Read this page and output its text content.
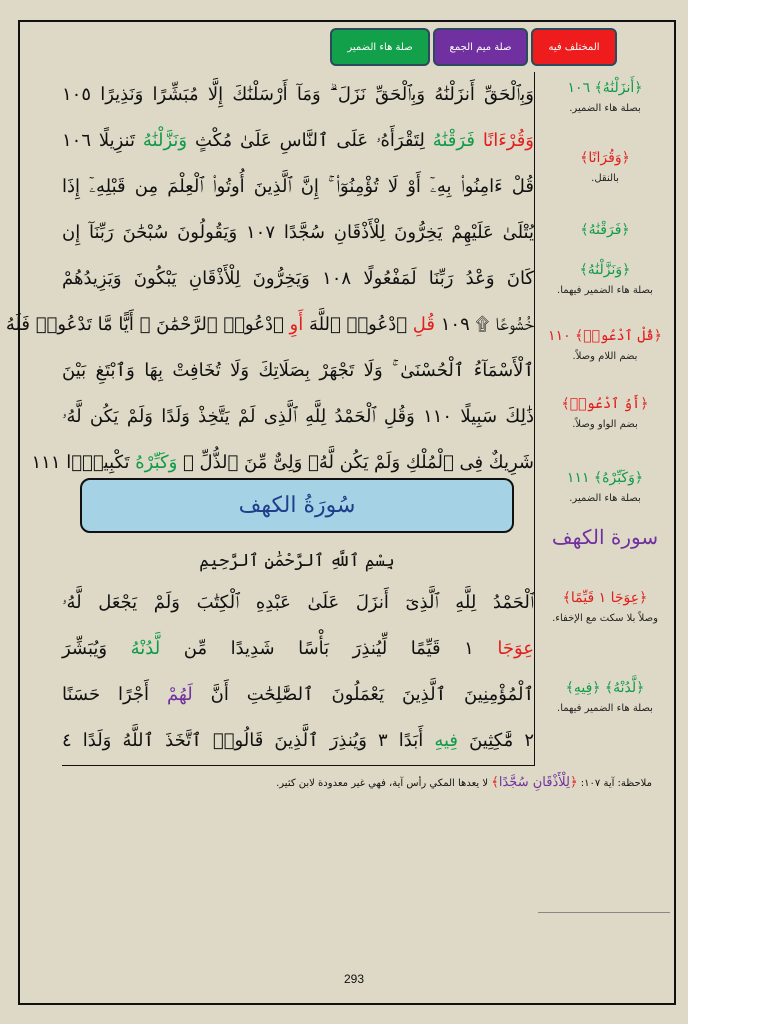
صلة هاء الضمير	صلة ميم الجمع	المختلف فيه
وَبِٱلْحَقِّ أَنزَلْنَٰهُ وَبِٱلْحَقِّ نَزَلَ ۗ وَمَآ أَرْسَلْنَٰكَ إِلَّا مُبَشِّرًا وَنَذِيرًا ١٠٥
وَقُرْءَانًا فَرَقْنَٰهُ لِتَقْرَأَهُۥ عَلَى ٱلنَّاسِ عَلَىٰ مُكْثٍ وَنَزَّلْنَٰهُ تَنزِيلًا ١٠٦
قُلْ ءَامِنُوا۟ بِهِۦٓ أَوْ لَا تُؤْمِنُوٓا۟ ۚ إِنَّ ٱلَّذِينَ أُوتُوا۟ ٱلْعِلْمَ مِن قَبْلِهِۦٓ إِذَا
يُتْلَىٰ عَلَيْهِمْ يَخِرُّونَ لِلْأَذْقَانِ سُجَّدًا ١٠٧ وَيَقُولُونَ سُبْحَٰنَ رَبِّنَآ إِن
كَانَ وَعْدُ رَبِّنَا لَمَفْعُولًا ١٠٨ وَيَخِرُّونَ لِلْأَذْقَانِ يَبْكُونَ وَيَزِيدُهُمْ
خُشُوعًا ۩ ١٠٩ قُلِ ٱدْعُوا۟ ٱللَّهَ أَوِ ٱدْعُوا۟ ٱلرَّحْمَٰنَ ۖ أَيًّا مَّا تَدْعُوا۟ فَلَهُ
ٱلْأَسْمَآءُ ٱلْحُسْنَىٰ ۚ وَلَا تَجْهَرْ بِصَلَاتِكَ وَلَا تُخَافِتْ بِهَا وَٱبْتَغِ بَيْنَ
ذَٰلِكَ سَبِيلًا ١١٠ وَقُلِ ٱلْحَمْدُ لِلَّهِ ٱلَّذِى لَمْ يَتَّخِذْ وَلَدًا وَلَمْ يَكُن لَّهُۥ
شَرِيكٌ فِى ٱلْمُلْكِ وَلَمْ يَكُن لَّهُۥ وَلِىٌّ مِّنَ ٱلذُّلِّ ۖ وَكَبِّرْهُ تَكْبِيرًۢا ١١١
سُورَةُ الكهف
بِسْمِ ٱللَّهِ ٱلرَّحْمَٰنِ ٱلرَّحِيمِ
ٱلْحَمْدُ لِلَّهِ ٱلَّذِىٓ أَنزَلَ عَلَىٰ عَبْدِهِ ٱلْكِتَٰبَ وَلَمْ يَجْعَل لَّهُۥ
عِوَجَا ١ قَيِّمًا لِّيُنذِرَ بَأْسًا شَدِيدًا مِّن لَّدُنْهُ وَيُبَشِّرَ
ٱلْمُؤْمِنِينَ ٱلَّذِينَ يَعْمَلُونَ ٱلصَّٰلِحَٰتِ أَنَّ لَهُمْ أَجْرًا حَسَنًا
٢ مَّٰكِثِينَ فِيهِ أَبَدًا ٣ وَيُنذِرَ ٱلَّذِينَ قَالُوا۟ ٱتَّخَذَ ٱللَّهُ وَلَدًا ٤
﴿أَنزَلْنَٰهُ﴾ ١٠٦
بصلة هاء الضمير.
﴿وَقُرَانًا﴾
بالنقل.
﴿فَرَقْنَٰهُ﴾
﴿وَنَزَّلْنَٰهُ﴾
بصلة هاء الضمير فيهما.
﴿قُلْ ٱدْعُوا۟﴾ ١١٠
بضم اللام وصلاً.
﴿أَوُ ٱدْعُوا۟﴾
بضم الواو وصلاً.
﴿وَكَبِّرْهُ﴾ ١١١
بصلة هاء الضمير.
سورة الكهف
﴿عِوَجَا ١ قَيِّمًا﴾
وصلاً بلا سكت مع الإخفاء.
﴿لَّدُنْهُ﴾ ﴿فِيهِ﴾
بصلة هاء الضمير فيهما.
ملاحظة: آية ١٠٧: ﴿لِلْأَذْقَانِ سُجَّدًا﴾ لا يعدها المكي رأس آية، فهي غير معدودة لابن كثير.
293
